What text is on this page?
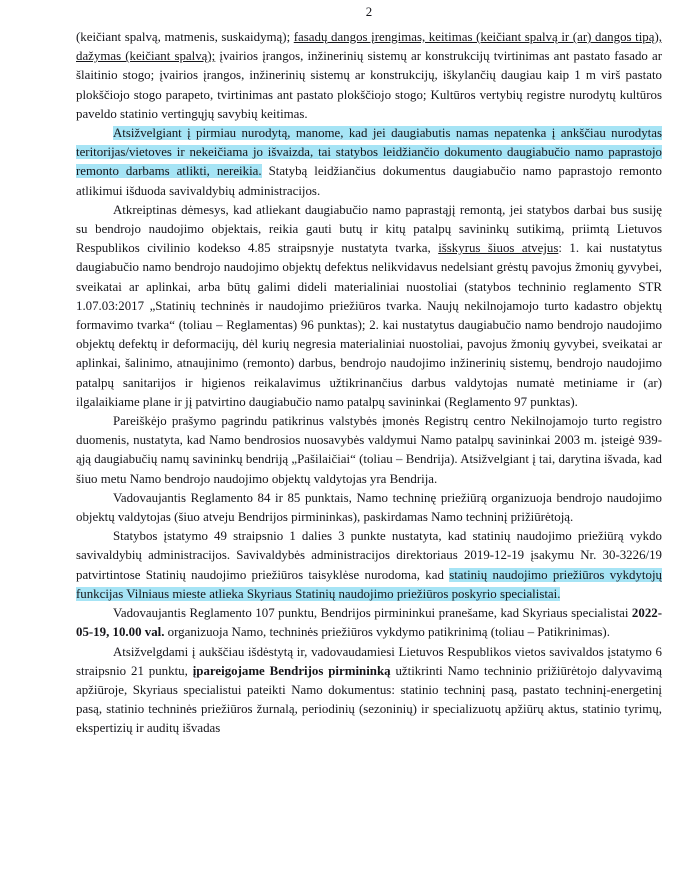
2

(keičiant spalvą, matmenis, suskaidymą); fasadų dangos įrengimas, keitimas (keičiant spalvą ir (ar) dangos tipą), dažymas (keičiant spalvą); įvairios įrangos, inžinerinių sistemų ar konstrukcijų tvirtinimas ant pastato fasado ar šlaitinio stogo; įvairios įrangos, inžinerinių sistemų ar konstrukcijų, iškylančių daugiau kaip 1 m virš pastato plokščiojo stogo parapeto, tvirtinimas ant pastato plokščiojo stogo; Kultūros vertybių registre nurodytų kultūros paveldo statinio vertingųjų savybių keitimas.

Atsižvelgiant į pirmiau nurodytą, manome, kad jei daugiabutis namas nepatenka į ankščiau nurodytas teritorijas/vietoves ir nekeičiama jo išvaizda, tai statybos leidžiančio dokumento daugiabučio namo paprastojo remonto darbams atlikti, nereikia. Statybą leidžiančius dokumentus daugiabučio namo paprastojo remonto atlikimui išduoda savivaldybių administracijos.

Atkreiptinas dėmesys, kad atliekant daugiabučio namo paprastąjį remontą, jei statybos darbai bus susiję su bendrojo naudojimo objektais, reikia gauti butų ir kitų patalpų savininkų sutikimą, priimtą Lietuvos Respublikos civilinio kodekso 4.85 straipsnyje nustatyta tvarka, išskyrus šiuos atvejus: 1. kai nustatytus daugiabučio namo bendrojo naudojimo objektų defektus nelikvidavus nedelsiant grėstų pavojus žmonių gyvybei, sveikatai ar aplinkai, arba būtų galimi dideli materialiniai nuostoliai (statybos techninio reglamento STR 1.07.03:2017 „Statinių techninės ir naudojimo priežiūros tvarka. Naujų nekilnojamojo turto kadastro objektų formavimo tvarka“ (toliau – Reglamentas) 96 punktas); 2. kai nustatytus daugiabučio namo bendrojo naudojimo objektų defektų ir deformacijų, dėl kurių negresia materialiniai nuostoliai, pavojus žmonių gyvybei, sveikatai ar aplinkai, šalinimo, atnaujinimo (remonto) darbus, bendrojo naudojimo inžinerinių sistemų, bendrojo naudojimo patalpų sanitarijos ir higienos reikalavimus užtikrinančius darbus valdytojas numatė metiniame ir (ar) ilgalaikiame plane ir jį patvirtino daugiabučio namo patalpų savininkai (Reglamento 97 punktas).

Pareiškėjo prašymo pagrindu patikrinus valstybės įmonės Registrų centro Nekilnojamojo turto registro duomenis, nustatyta, kad Namo bendrosios nuosavybės valdymui Namo patalpų savininkai 2003 m. įsteigė 939-ąją daugiabučių namų savininkų bendriją „Pašilaičiai“ (toliau – Bendrija). Atsižvelgiant į tai, darytina išvada, kad šiuo metu Namo bendrojo naudojimo objektų valdytojas yra Bendrija.

Vadovaujantis Reglamento 84 ir 85 punktais, Namo techninę priežiūrą organizuoja bendrojo naudojimo objektų valdytojas (šiuo atveju Bendrijos pirmininkas), paskirdamas Namo techninį prižiūrėtoją.

Statybos įstatymo 49 straipsnio 1 dalies 3 punkte nustatyta, kad statinių naudojimo priežiūrą vykdo savivaldybių administracijos. Savivaldybės administracijos direktoriaus 2019-12-19 įsakymu Nr. 30-3226/19 patvirtintose Statinių naudojimo priežiūros taisyklėse nurodoma, kad statinių naudojimo priežiūros vykdytojų funkcijas Vilniaus mieste atlieka Skyriaus Statinių naudojimo priežiūros poskyrio specialistai.

Vadovaujantis Reglamento 107 punktu, Bendrijos pirmininkui pranešame, kad Skyriaus specialistai 2022-05-19, 10.00 val. organizuoja Namo, techninės priežiūros vykdymo patikrinimą (toliau – Patikrinimas).

Atsižvelgdami į aukščiau išdėstytą ir, vadovaudamiesi Lietuvos Respublikos vietos savivaldos įstatymo 6 straipsnio 21 punktu, įpareigojame Bendrijos pirmininką užtikrinti Namo techninio prižiūrėtojo dalyvavimą apžiūroje, Skyriaus specialistui pateikti Namo dokumentus: statinio techninį pasą, pastato techninį-energetinį pasą, statinio techninės priežiūros žurnalą, periodinių (sezoninių) ir specializuotų apžiūrų aktus, statinio tyrimų, ekspertizių ir auditų išvadas
